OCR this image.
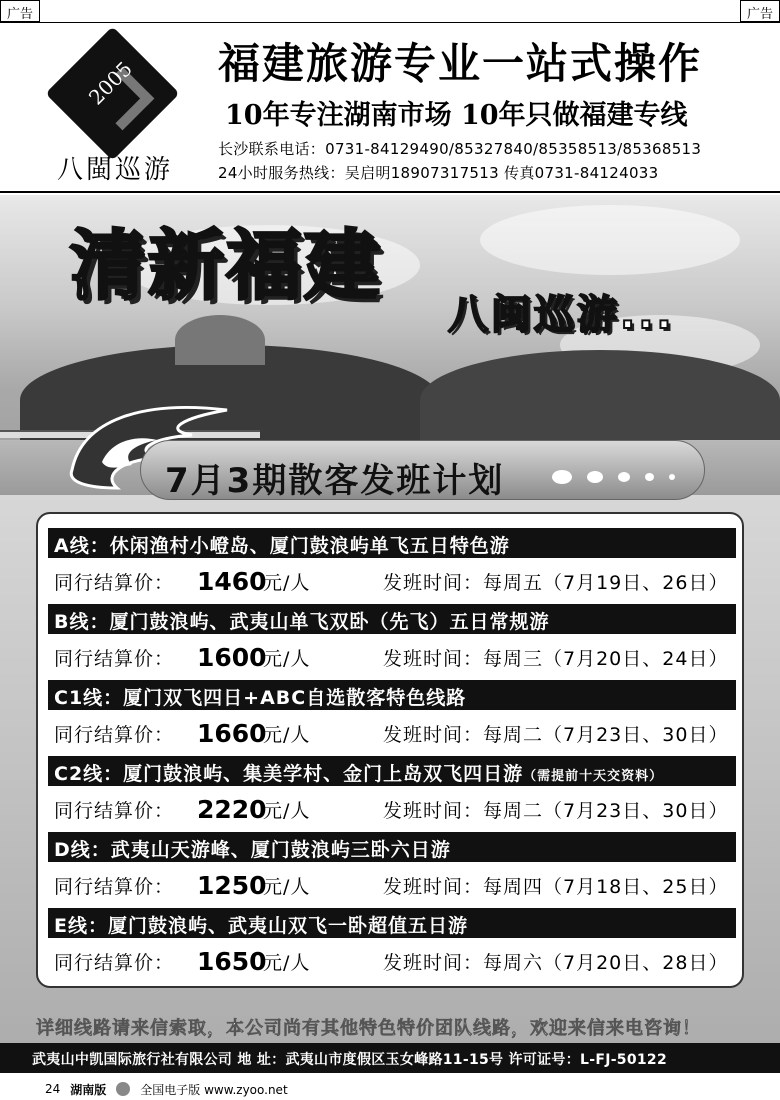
广告	广告
2005
八閩巡游
福建旅游专业一站式操作
10年专注湖南市场 10年只做福建专线
长沙联系电话：0731-84129490/85327840/85358513/85368513
24小时服务热线：吴启明18907317513 传真0731-84124033
清新福建
八闽巡游...
7月3期散客发班计划

A线：休闲渔村小嶝岛、厦门鼓浪屿单飞五日特色游
同行结算价： 1460
元/人	发班时间：每周五（7月19日、26日）
B线：厦门鼓浪屿、武夷山单飞双卧（先飞）五日常规游
同行结算价： 1600
元/人	发班时间：每周三（7月20日、24日）
C1线：厦门双飞四日+ABC自选散客特色线路
同行结算价： 1660
元/人	发班时间：每周二（7月23日、30日）
C2线：厦门鼓浪屿、集美学村、金门上岛双飞四日游（需提前十天交资料）
同行结算价： 2220
元/人	发班时间：每周二（7月23日、30日）
D线：武夷山天游峰、厦门鼓浪屿三卧六日游
同行结算价： 1250
元/人	发班时间：每周四（7月18日、25日）
E线：厦门鼓浪屿、武夷山双飞一卧超值五日游
同行结算价： 1650
元/人	发班时间：每周六（7月20日、28日）
详细线路请来信索取，本公司尚有其他特色特价团队线路，欢迎来信来电咨询！
武夷山中凯国际旅行社有限公司 地 址：武夷山市度假区玉女峰路11-15号 许可证号：L-FJ-50122
24 湖南版	全国电子版 www.zyoo.net
